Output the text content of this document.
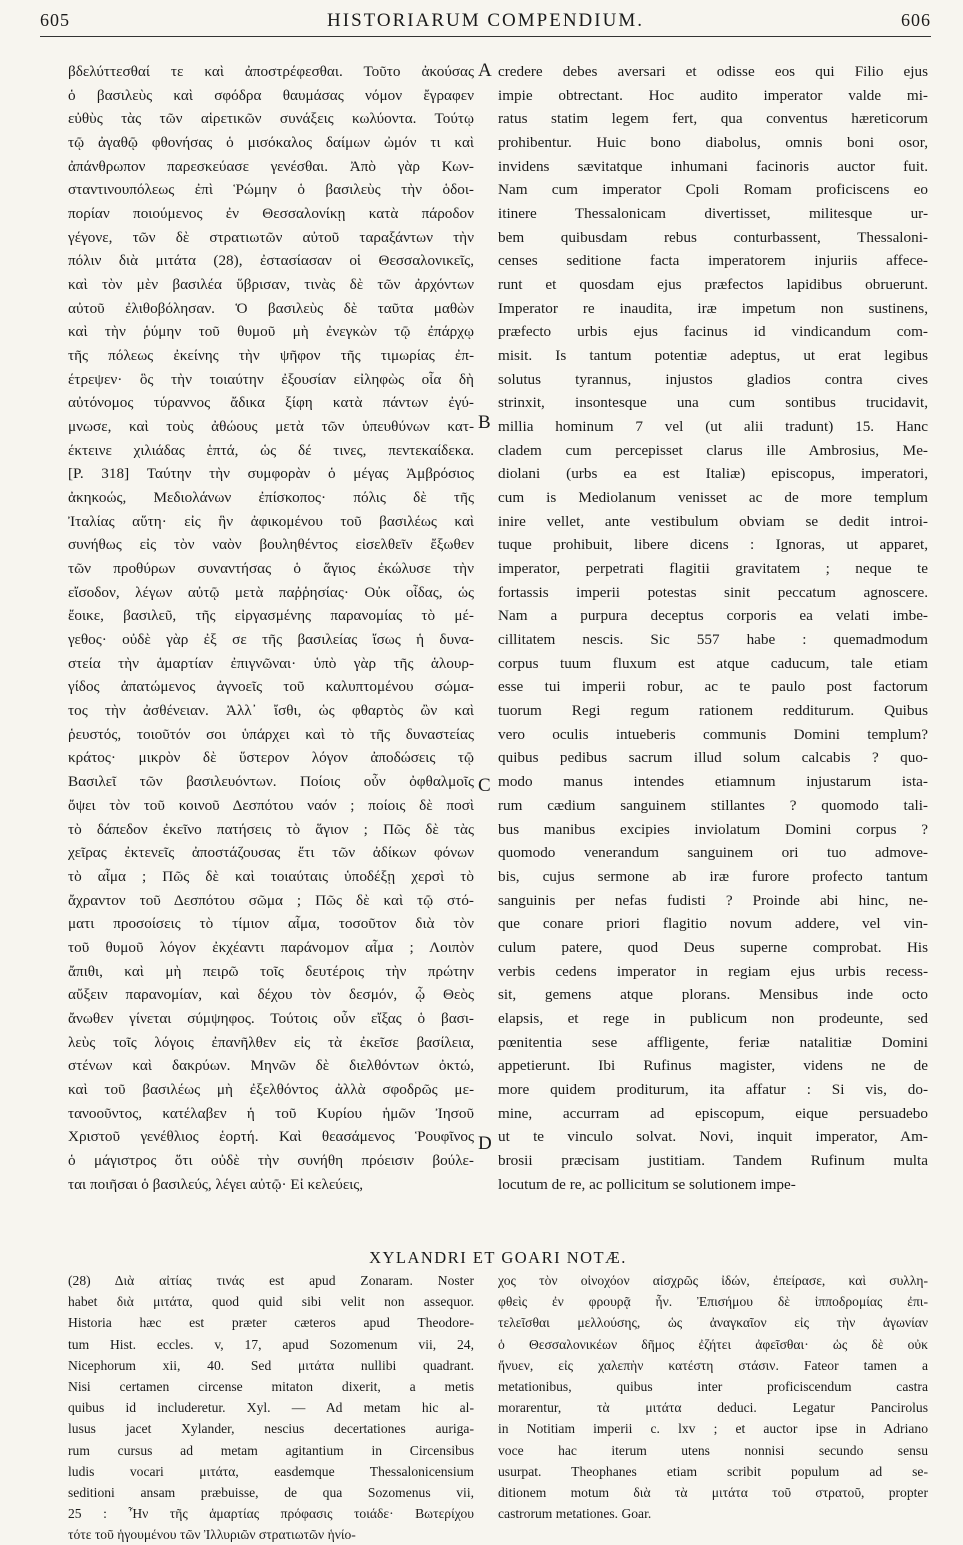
605	HISTORIARUM COMPENDIUM.	606
βδελύττεσθαί τε καὶ ἀποστρέφεσθαι. Τοῦτο ἀκούσας
ὁ βασιλεὺς καὶ σφόδρα θαυμάσας νόμον ἔγραφεν
εὐθὺς τὰς τῶν αἱρετικῶν συνάξεις κωλύοντα. Τούτῳ
τῷ ἀγαθῷ φθονήσας ὁ μισόκαλος δαίμων ὠμόν τι καὶ
ἀπάνθρωπον παρεσκεύασε γενέσθαι. Ἀπὸ γὰρ Κων-
σταντινουπόλεως ἐπὶ Ῥώμην ὁ βασιλεὺς τὴν ὁδοι-
πορίαν ποιούμενος ἐν Θεσσαλονίκῃ κατὰ πάροδον
γέγονε, τῶν δὲ στρατιωτῶν αὐτοῦ ταραξάντων τὴν
πόλιν διὰ μιτάτα (28), ἐστασίασαν οἱ Θεσσαλονικεῖς,
καὶ τὸν μὲν βασιλέα ὕβρισαν, τινὰς δὲ τῶν ἀρχόντων
αὐτοῦ ἐλιθοβόλησαν. Ὁ βασιλεὺς δὲ ταῦτα μαθὼν
καὶ τὴν ῥύμην τοῦ θυμοῦ μὴ ἐνεγκὼν τῷ ἐπάρχῳ
τῆς πόλεως ἐκείνης τὴν ψῆφον τῆς τιμωρίας ἐπ-
έτρεψεν· ὃς τὴν τοιαύτην ἐξουσίαν εἰληφὼς οἷα δὴ
αὐτόνομος τύραννος ἄδικα ξίφη κατὰ πάντων ἐγύ-
μνωσε, καὶ τοὺς ἀθώους μετὰ τῶν ὑπευθύνων κατ-
έκτεινε χιλιάδας ἑπτά, ὡς δέ τινες, πεντεκαίδεκα.
[P. 318] Ταύτην τὴν συμφορὰν ὁ μέγας Ἀμβρόσιος
ἀκηκοώς, Μεδιολάνων ἐπίσκοπος· πόλις δὲ τῆς
Ἰταλίας αὕτη· εἰς ἣν ἀφικομένου τοῦ βασιλέως καὶ
συνήθως εἰς τὸν ναὸν βουληθέντος εἰσελθεῖν ἔξωθεν
τῶν προθύρων συναντήσας ὁ ἅγιος ἐκώλυσε τὴν
εἴσοδον, λέγων αὐτῷ μετὰ παῤῥησίας· Οὐκ οἶδας, ὡς
ἔοικε, βασιλεῦ, τῆς εἰργασμένης παρανομίας τὸ μέ-
γεθος· οὐδὲ γὰρ ἐξ σε τῆς βασιλείας ἴσως ἡ δυνα-
στεία τὴν ἁμαρτίαν ἐπιγνῶναι· ὑπὸ γὰρ τῆς ἁλουρ-
γίδος ἀπατώμενος ἀγνοεῖς τοῦ καλυπτομένου σώμα-
τος τὴν ἀσθένειαν. Ἀλλ᾽ ἴσθι, ὡς φθαρτὸς ὢν καὶ
ῥευστός, τοιοῦτόν σοι ὑπάρχει καὶ τὸ τῆς δυναστείας
κράτος· μικρὸν δὲ ὕστερον λόγον ἀποδώσεις τῷ
Βασιλεῖ τῶν βασιλευόντων. Ποίοις οὖν ὀφθαλμοῖς
ὄψει τὸν τοῦ κοινοῦ Δεσπότου ναόν ; ποίοις δὲ ποσὶ
τὸ δάπεδον ἐκεῖνο πατήσεις τὸ ἅγιον ; Πῶς δὲ τὰς
χεῖρας ἐκτενεῖς ἀποστάζουσας ἔτι τῶν ἀδίκων φόνων
τὸ αἷμα ; Πῶς δὲ καὶ τοιαύταις ὑποδέξῃ χερσὶ τὸ
ἄχραντον τοῦ Δεσπότου σῶμα ; Πῶς δὲ καὶ τῷ στό-
ματι προσοίσεις τὸ τίμιον αἷμα, τοσοῦτον διὰ τὸν
τοῦ θυμοῦ λόγον ἐκχέαντι παράνομον αἷμα ; Λοιπὸν
ἄπιθι, καὶ μὴ πειρῶ τοῖς δευτέροις τὴν πρώτην
αὔξειν παρανομίαν, καὶ δέχου τὸν δεσμόν, ᾧ Θεὸς
ἄνωθεν γίνεται σύμψηφος. Τούτοις οὖν εἴξας ὁ βασι-
λεὺς τοῖς λόγοις ἐπανῆλθεν εἰς τὰ ἐκεῖσε βασίλεια,
στένων καὶ δακρύων. Μηνῶν δὲ διελθόντων ὀκτώ,
καὶ τοῦ βασιλέως μὴ ἐξελθόντος ἀλλὰ σφοδρῶς με-
τανοοῦντος, κατέλαβεν ἡ τοῦ Κυρίου ἡμῶν Ἰησοῦ
Χριστοῦ γενέθλιος ἑορτή. Καὶ θεασάμενος Ῥουφῖνος
ὁ μάγιστρος ὅτι οὐδὲ τὴν συνήθη πρόεισιν βούλε-
ται ποιῆσαι ὁ βασιλεύς, λέγει αὐτῷ· Εἰ κελεύεις,
credere debes aversari et odisse eos qui Filio ejus
impie obtrectant. Hoc audito imperator valde mi-
ratus statim legem fert, qua conventus hæreticorum
prohibentur. Huic bono diabolus, omnis boni osor,
invidens sævitatque inhumani facinoris auctor fuit.
Nam cum imperator Cpoli Romam proficiscens eo
itinere Thessalonicam divertisset, militesque ur-
bem quibusdam rebus conturbassent, Thessaloni-
censes seditione facta imperatorem injuriis affece-
runt et quosdam ejus præfectos lapidibus obruerunt.
Imperator re inaudita, iræ impetum non sustinens,
præfecto urbis ejus facinus id vindicandum com-
misit. Is tantum potentiæ adeptus, ut erat legibus
solutus tyrannus, injustos gladios contra cives
strinxit, insontesque una cum sontibus trucidavit,
millia hominum 7 vel (ut alii tradunt) 15. Hanc
cladem cum percepisset clarus ille Ambrosius, Me-
diolani (urbs ea est Italiæ) episcopus, imperatori,
cum is Mediolanum venisset ac de more templum
inire vellet, ante vestibulum obviam se dedit introi-
tuque prohibuit, libere dicens : Ignoras, ut apparet,
imperator, perpetrati flagitii gravitatem ; neque te
fortassis imperii potestas sinit peccatum agnoscere.
Nam a purpura deceptus corporis ea velati imbe-
cillitatem nescis. Sic 557 habe : quemadmodum
corpus tuum fluxum est atque caducum, tale etiam
esse tui imperii robur, ac te paulo post factorum
tuorum Regi regum rationem redditurum. Quibus
vero oculis intueberis communis Domini templum?
quibus pedibus sacrum illud solum calcabis ? quo-
modo manus intendes etiamnum injustarum ista-
rum cædium sanguinem stillantes ? quomodo tali-
bus manibus excipies inviolatum Domini corpus ?
quomodo venerandum sanguinem ori tuo admove-
bis, cujus sermone ab iræ furore profecto tantum
sanguinis per nefas fudisti ? Proinde abi hinc, ne-
que conare priori flagitio novum addere, vel vin-
culum patere, quod Deus superne comprobat. His
verbis cedens imperator in regiam ejus urbis recess-
sit, gemens atque plorans. Mensibus inde octo
elapsis, et rege in publicum non prodeunte, sed
pœnitentia sese affligente, feriæ natalitiæ Domini
appetierunt. Ibi Rufinus magister, videns ne de
more quidem proditurum, ita affatur : Si vis, do-
mine, accurram ad episcopum, eique persuadebo
ut te vinculo solvat. Novi, inquit imperator, Am-
brosii præcisam justitiam. Tandem Rufinum multa
locutum de re, ac pollicitum se solutionem impe-
A
B
C
D
XYLANDRI ET GOARI NOTÆ.
(28) Διὰ αἰτίας τινάς est apud Zonaram. Noster
habet διὰ μιτάτα, quod quid sibi velit non assequor.
Historia hæc est præter cæteros apud Theodore-
tum Hist. eccles. v, 17, apud Sozomenum vii, 24,
Nicephorum xii, 40. Sed μιτάτα nullibi quadrant.
Nisi certamen circense mitaton dixerit, a metis
quibus id includeretur. Xyl. — Ad metam hic al-
lusus jacet Xylander, nescius decertationes auriga-
rum cursus ad metam agitantium in Circensibus
ludis vocari μιτάτα, easdemque Thessalonicensium
seditioni ansam præbuisse, de qua Sozomenus vii,
25 : Ἦν τῆς ἁμαρτίας πρόφασις τοιάδε· Βωτερίχου
τότε τοῦ ἡγουμένου τῶν Ἰλλυριῶν στρατιωτῶν ἡνίο-
χος τὸν οἰνοχόον αἰσχρῶς ἰδών, ἐπείρασε, καὶ συλλη-
φθεὶς ἐν φρουρᾷ ἦν. Ἐπισήμου δὲ ἱπποδρομίας ἐπι-
τελεῖσθαι μελλούσης, ὡς ἀναγκαῖον εἰς τὴν ἀγωνίαν
ὁ Θεσσαλονικέων δῆμος ἐζήτει ἀφεῖσθαι· ὡς δὲ οὐκ
ἤνυεν, εἰς χαλεπὴν κατέστη στάσιν. Fateor tamen a
metationibus, quibus inter proficiscendum castra
morarentur, τὰ μιτάτα deduci. Legatur Pancirolus
in Notitiam imperii c. lxv ; et auctor ipse in Adriano
voce hac iterum utens nonnisi secundo sensu
usurpat. Theophanes etiam scribit populum ad se-
ditionem motum διὰ τὰ μιτάτα τοῦ στρατοῦ, propter
castrorum metationes. Goar.
